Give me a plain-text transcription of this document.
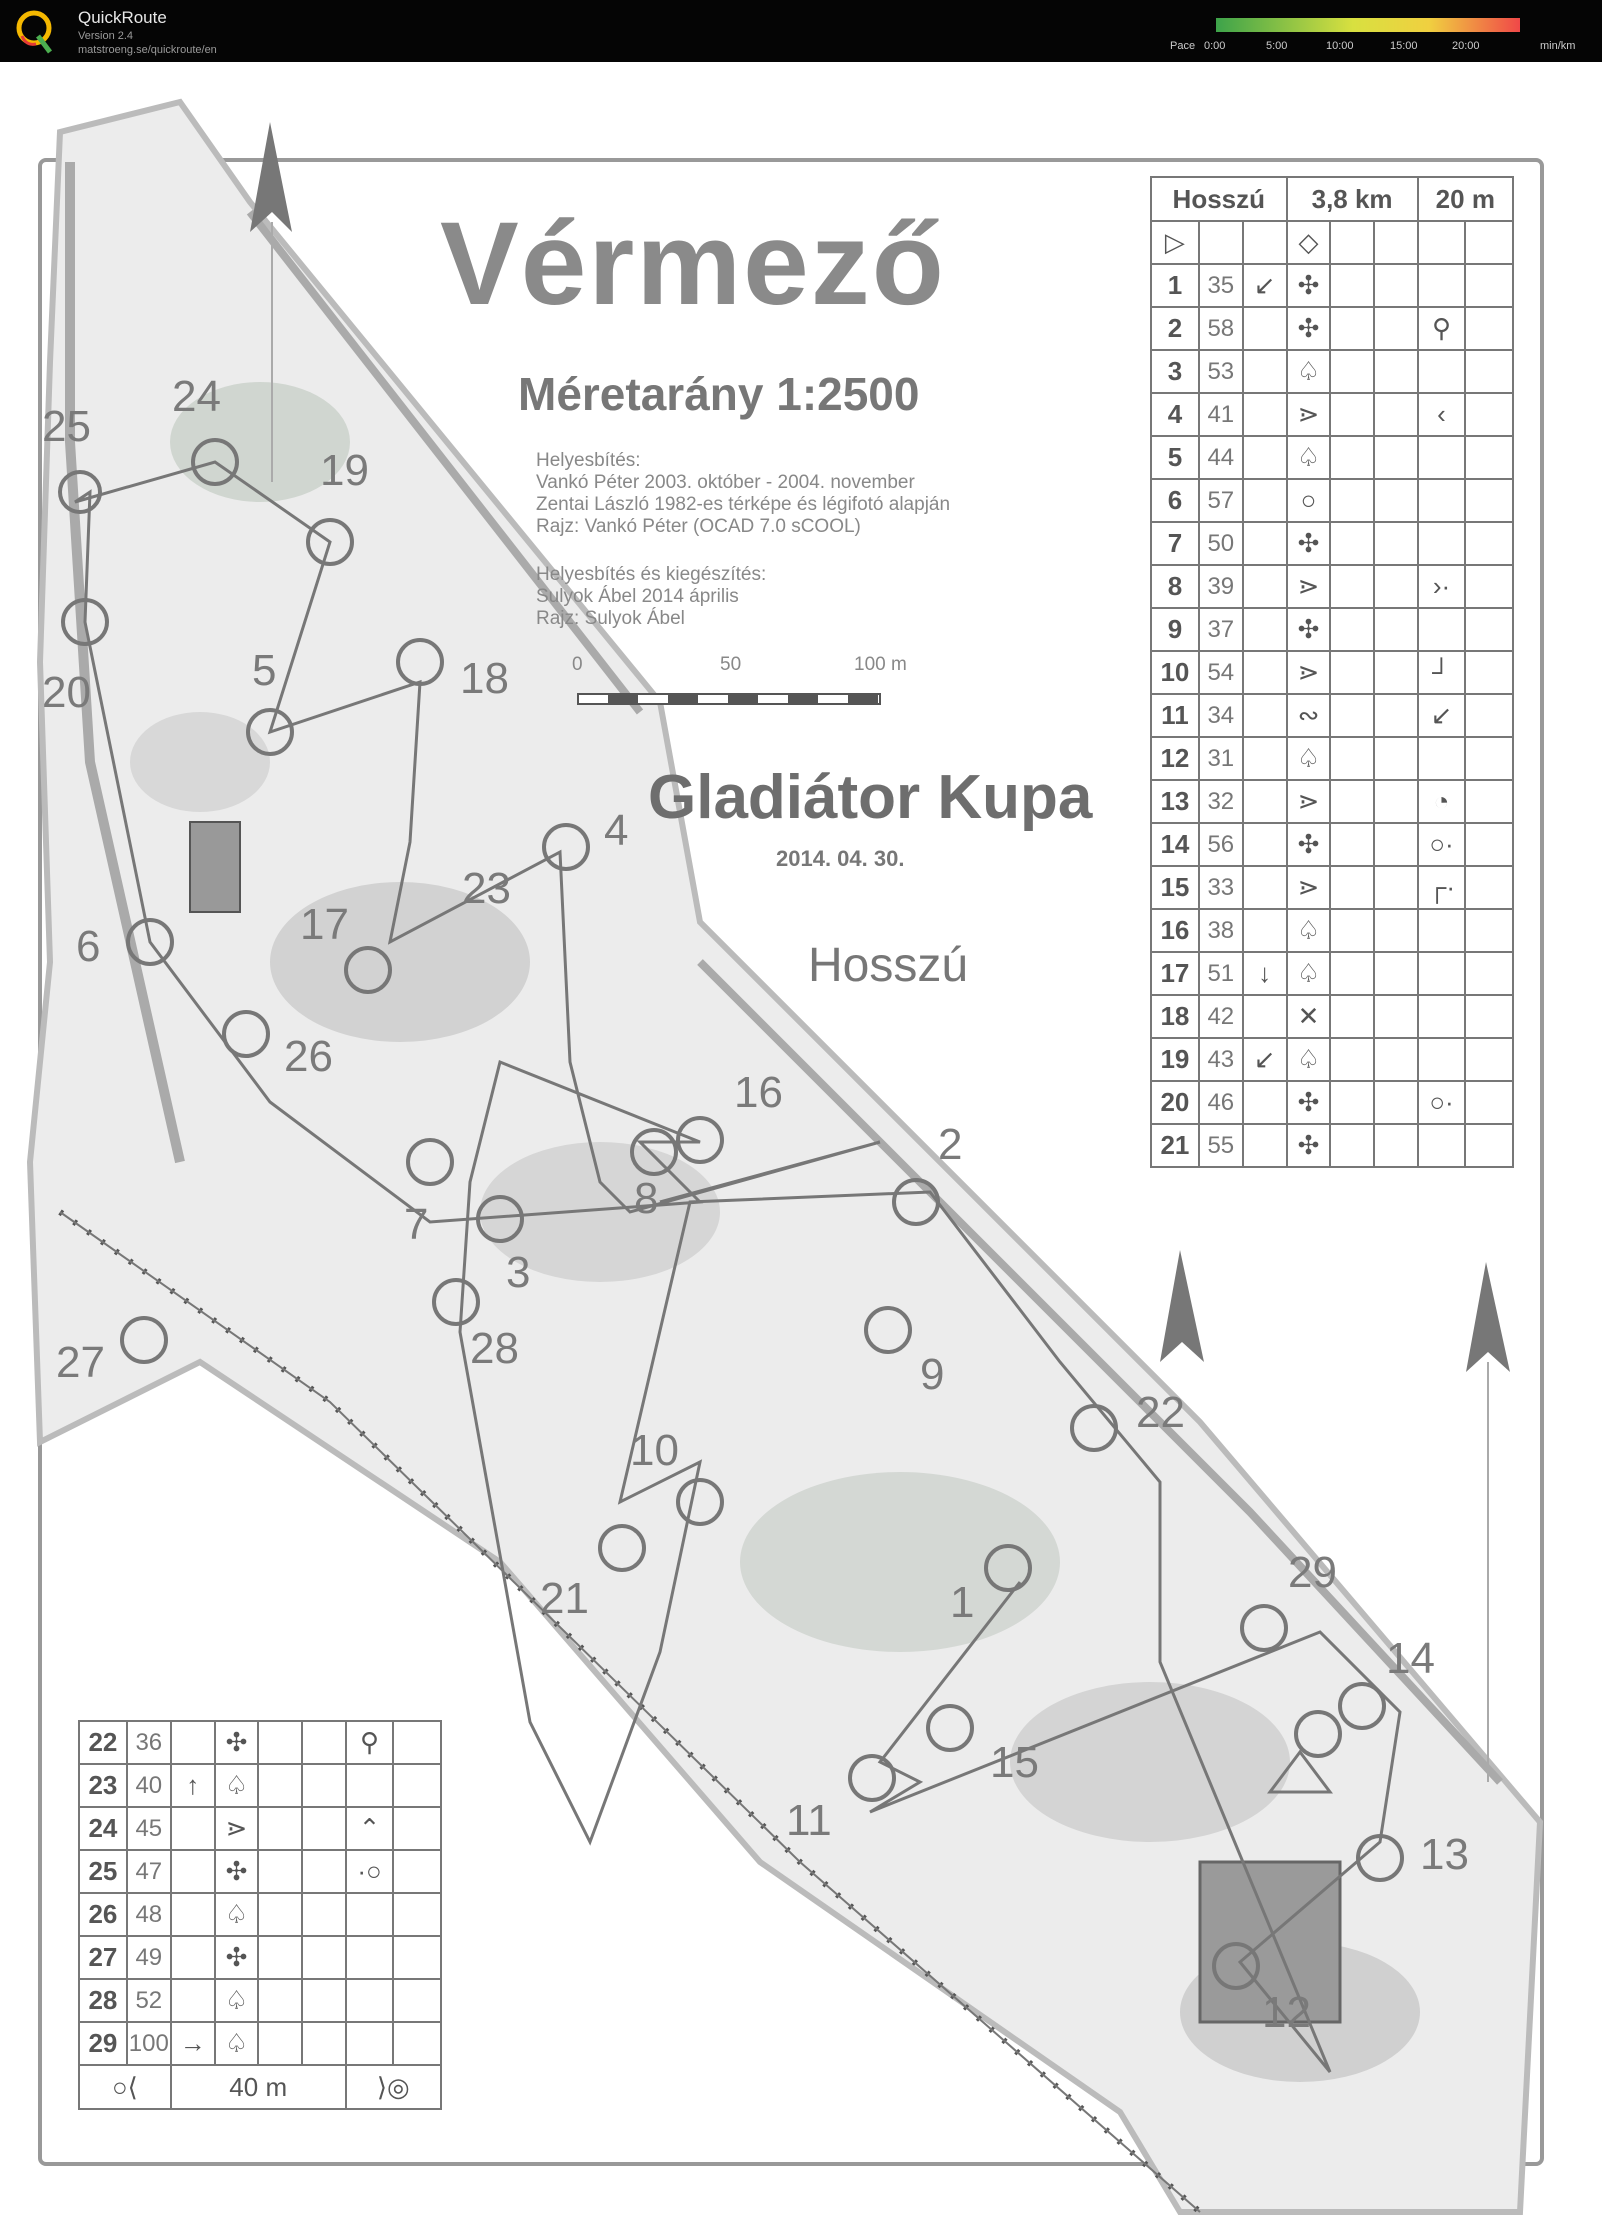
QuickRoute
Version 2.4
matstroeng.se/quickroute/en	Pace 0:00	5:00	10:00	15:00	20:00	min/km
Vérmező
Méretarány 1:2500
Helyesbítés:
Vankó Péter 2003. október - 2004. november
Zentai László 1982-es térképe és légifotó alapján
Rajz: Vankó Péter (OCAD 7.0 sCOOL)
Helyesbítés és kiegészítés:
Sulyok Ábel 2014 április
Rajz: Sulyok Ábel
0	50	100 m
Gladiátor Kupa
2014. 04. 30.
Hosszú
25
24
19
20	5	18
4
23
17
6
26
16
2
8
7
3
28
27	9
22
10
21	1
29
14
15
11
13
12
Hosszú			3,8 km			20 m	
▷			◇				
1	35	↙	✣				
2	58		✣			⚲	
3	53		♤				
4	41		⋗			‹	
5	44		♤				
6	57		○				
7	50		✣				
8	39		⋗			›·	
9	37		✣				
10	54		⋗			┘	
11	34		∾			↙	
12	31		♤				
13	32		⋗			◔	
14	56		✣			○·	
15	33		⋗			┌·	
16	38		♤				
17	51	↓	♤				
18	42		✕				
19	43	↙	♤				
20	46		✣			○·	
21	55		✣				
22	36		✣			⚲	
23	40	↑	♤				
24	45		⋗			⌃	
25	47		✣			·○	
26	48		♤				
27	49		✣				
28	52		♤				
29	100	→	♤				
○⟨		40 m				⟩◎	
